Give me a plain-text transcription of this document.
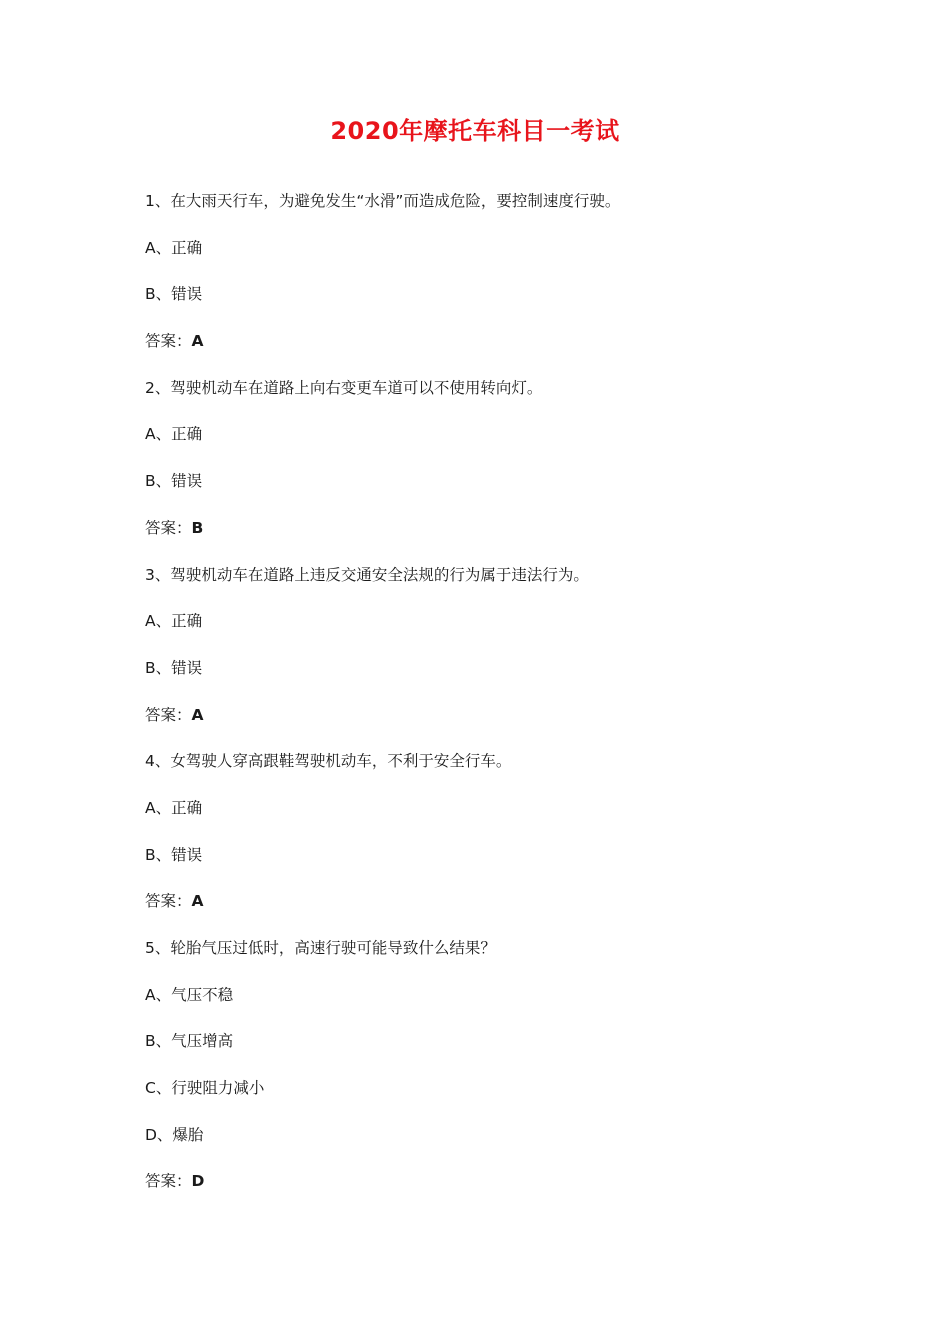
2020年摩托车科目一考试
1、在大雨天行车，为避免发生“水滑”而造成危险，要控制速度行驶。
A、正确
B、错误
答案：A
2、驾驶机动车在道路上向右变更车道可以不使用转向灯。
A、正确
B、错误
答案：B
3、驾驶机动车在道路上违反交通安全法规的行为属于违法行为。
A、正确
B、错误
答案：A
4、女驾驶人穿高跟鞋驾驶机动车，不利于安全行车。
A、正确
B、错误
答案：A
5、轮胎气压过低时，高速行驶可能导致什么结果？
A、气压不稳
B、气压增高
C、行驶阻力减小
D、爆胎
答案：D
